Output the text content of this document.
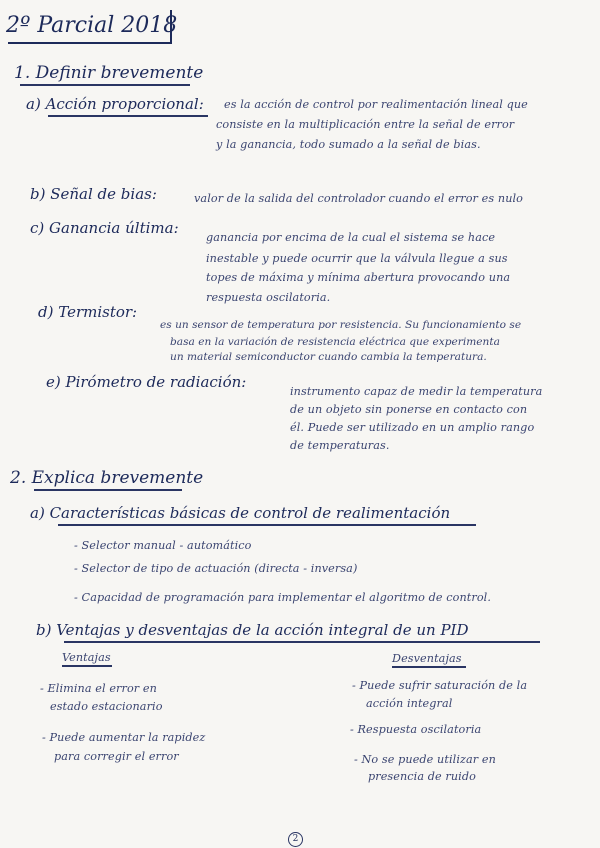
2º Parcial 2018
1. Definir brevemente
a) Acción proporcional: es la acción de control por realimentación lineal que
consiste en la multiplicación entre la señal de error
y la ganancia, todo sumado a la señal de bias.
b) Señal de bias:	valor de la salida del controlador cuando el error es nulo
c) Ganancia última:
ganancia por encima de la cual el sistema se hace
inestable y puede ocurrir que la válvula llegue a sus
topes de máxima y mínima abertura provocando una
respuesta oscilatoria.
d) Termistor:
es un sensor de temperatura por resistencia. Su funcionamiento se
basa en la variación de resistencia eléctrica que experimenta
un material semiconductor cuando cambia la temperatura.
e) Pirómetro de radiación:
instrumento capaz de medir la temperatura
de un objeto sin ponerse en contacto con
él. Puede ser utilizado en un amplio rango
de temperaturas.
2. Explica brevemente
a) Características básicas de control de realimentación
- Selector manual - automático
- Selector de tipo de actuación (directa - inversa)
- Capacidad de programación para implementar el algoritmo de control.
b) Ventajas y desventajas de la acción integral de un PID
Ventajas
- Elimina el error en
estado estacionario
- Puede aumentar la rapidez
para corregir el error
Desventajas
- Puede sufrir saturación de la
acción integral
- Respuesta oscilatoria
- No se puede utilizar en
presencia de ruido
2
